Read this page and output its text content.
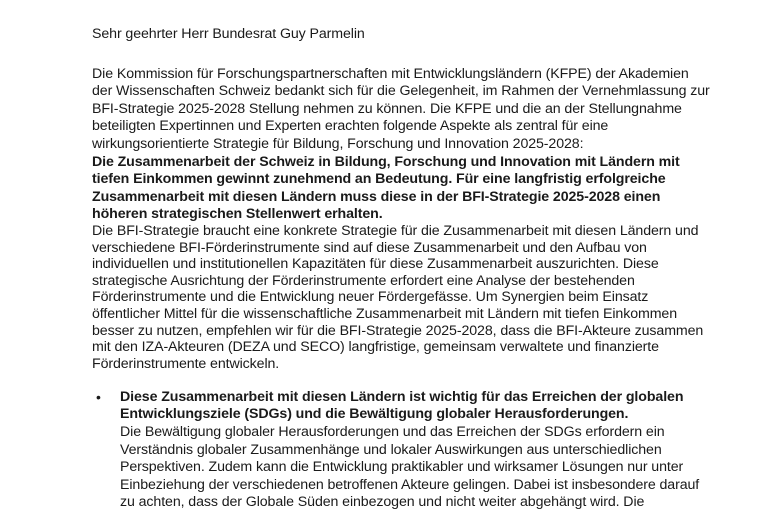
Sehr geehrter Herr Bundesrat Guy Parmelin
Die Kommission für Forschungspartnerschaften mit Entwicklungsländern (KFPE) der Akademien
der Wissenschaften Schweiz bedankt sich für die Gelegenheit, im Rahmen der Vernehmlassung zur
BFI-Strategie 2025-2028 Stellung nehmen zu können. Die KFPE und die an der Stellungnahme
beteiligten Expertinnen und Experten erachten folgende Aspekte als zentral für eine
wirkungsorientierte Strategie für Bildung, Forschung und Innovation 2025-2028:
Die Zusammenarbeit der Schweiz in Bildung, Forschung und Innovation mit Ländern mit
tiefen Einkommen gewinnt zunehmend an Bedeutung. Für eine langfristig erfolgreiche
Zusammenarbeit mit diesen Ländern muss diese in der BFI-Strategie 2025-2028 einen
höheren strategischen Stellenwert erhalten.
Die BFI-Strategie braucht eine konkrete Strategie für die Zusammenarbeit mit diesen Ländern und
verschiedene BFI-Förderinstrumente sind auf diese Zusammenarbeit und den Aufbau von
individuellen und institutionellen Kapazitäten für diese Zusammenarbeit auszurichten. Diese
strategische Ausrichtung der Förderinstrumente erfordert eine Analyse der bestehenden
Förderinstrumente und die Entwicklung neuer Fördergefässe. Um Synergien beim Einsatz
öffentlicher Mittel für die wissenschaftliche Zusammenarbeit mit Ländern mit tiefen Einkommen
besser zu nutzen, empfehlen wir für die BFI-Strategie 2025-2028, dass die BFI-Akteure zusammen
mit den IZA-Akteuren (DEZA und SECO) langfristige, gemeinsam verwaltete und finanzierte
Förderinstrumente entwickeln.
• Diese Zusammenarbeit mit diesen Ländern ist wichtig für das Erreichen der globalen
Entwicklungsziele (SDGs) und die Bewältigung globaler Herausforderungen.
Die Bewältigung globaler Herausforderungen und das Erreichen der SDGs erfordern ein
Verständnis globaler Zusammenhänge und lokaler Auswirkungen aus unterschiedlichen
Perspektiven. Zudem kann die Entwicklung praktikabler und wirksamer Lösungen nur unter
Einbeziehung der verschiedenen betroffenen Akteure gelingen. Dabei ist insbesondere darauf
zu achten, dass der Globale Süden einbezogen und nicht weiter abgehängt wird. Die
